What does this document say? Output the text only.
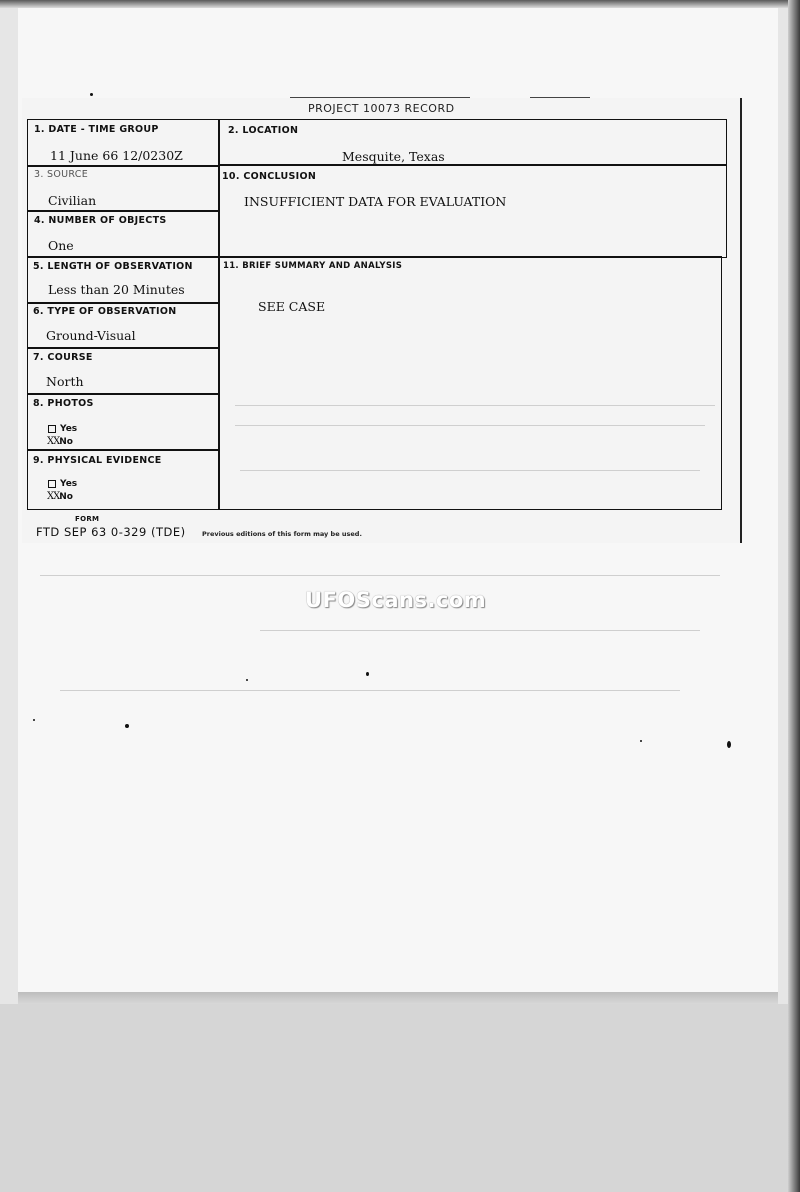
PROJECT 10073 RECORD
1. DATE - TIME GROUP
11 June 66 12/0230Z
2. LOCATION
Mesquite, Texas
3. SOURCE
Civilian
10. CONCLUSION
INSUFFICIENT DATA FOR EVALUATION
4. NUMBER OF OBJECTS
One
5. LENGTH OF OBSERVATION
Less than 20 Minutes
11. BRIEF SUMMARY AND ANALYSIS
SEE CASE
6. TYPE OF OBSERVATION
Ground-Visual
7. COURSE
North
8. PHOTOS
Yes
XXNo
9. PHYSICAL EVIDENCE
Yes
XXNo
FORM
FTD SEP 63 0-329 (TDE)	Previous editions of this form may be used.
UFOScans.com
